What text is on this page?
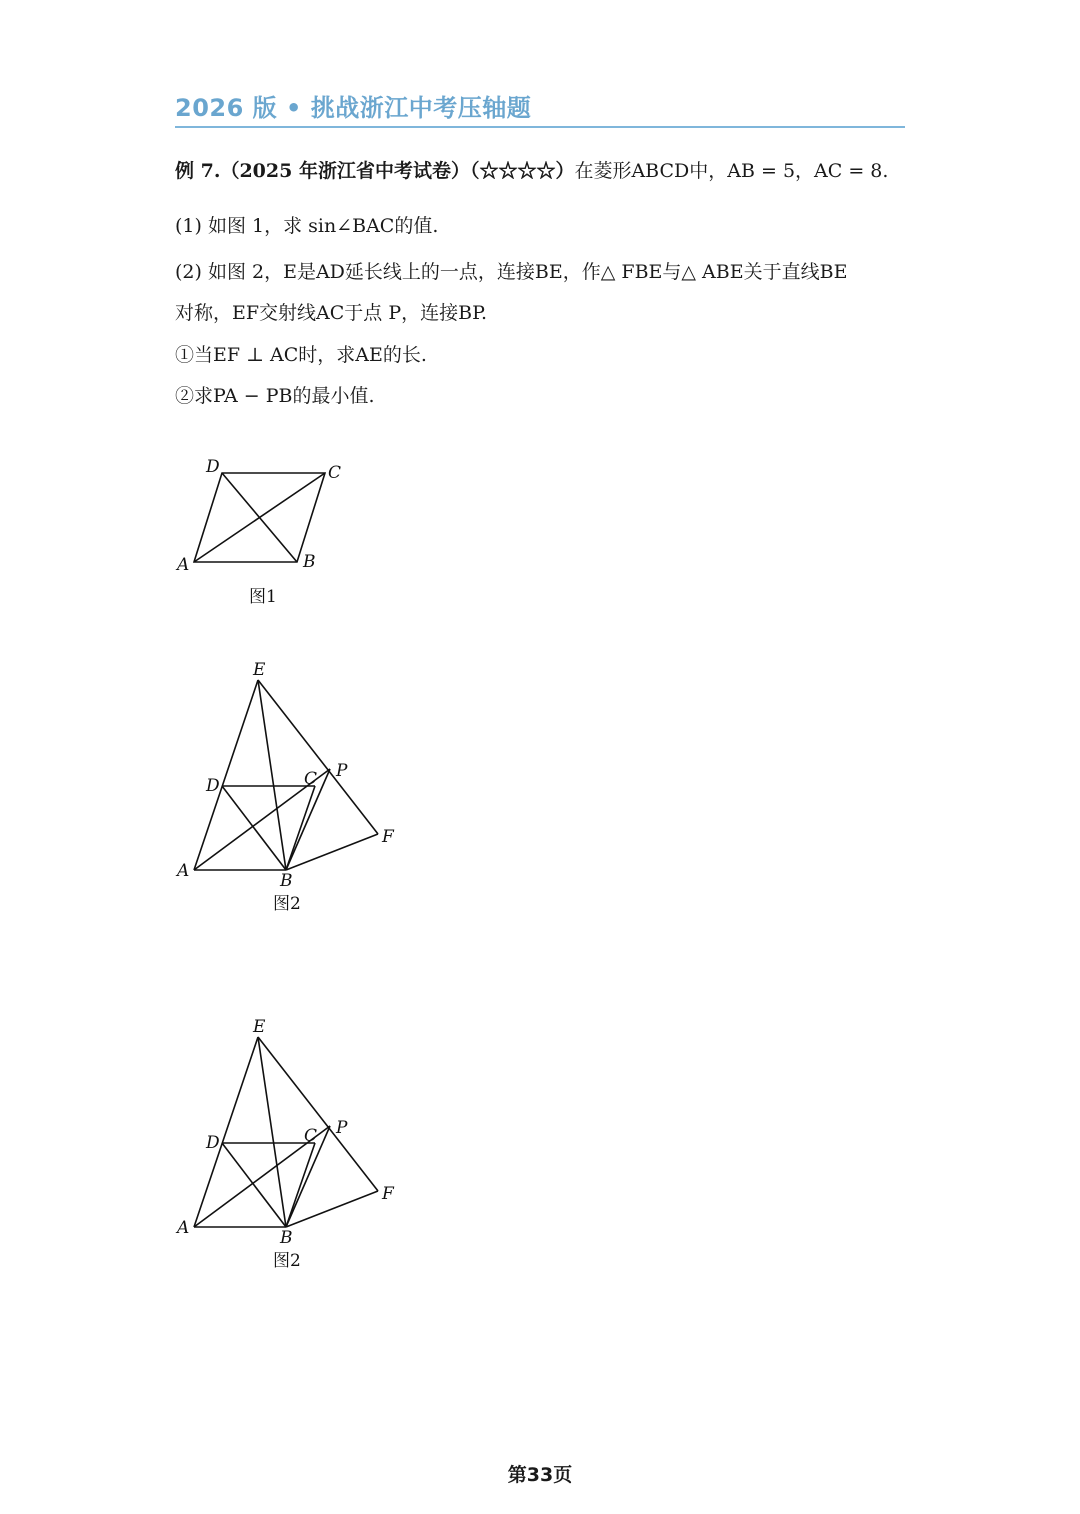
2026 版 • 挑战浙江中考压轴题
例 7.（2025 年浙江省中考试卷）（☆☆☆☆）在菱形ABCD中，AB = 5，AC = 8.
(1) 如图 1，求 sin∠BAC的值.
(2) 如图 2，E是AD延长线上的一点，连接BE，作△ FBE与△ ABE关于直线BE
对称，EF交射线AC于点 P，连接BP.
①当EF ⊥ AC时，求AE的长.
②求PA − PB的最小值.
D	C
A	B
图1
E
D	C P
F
A	B
图2
E
D	C P
F
A	B
图2
第33页
